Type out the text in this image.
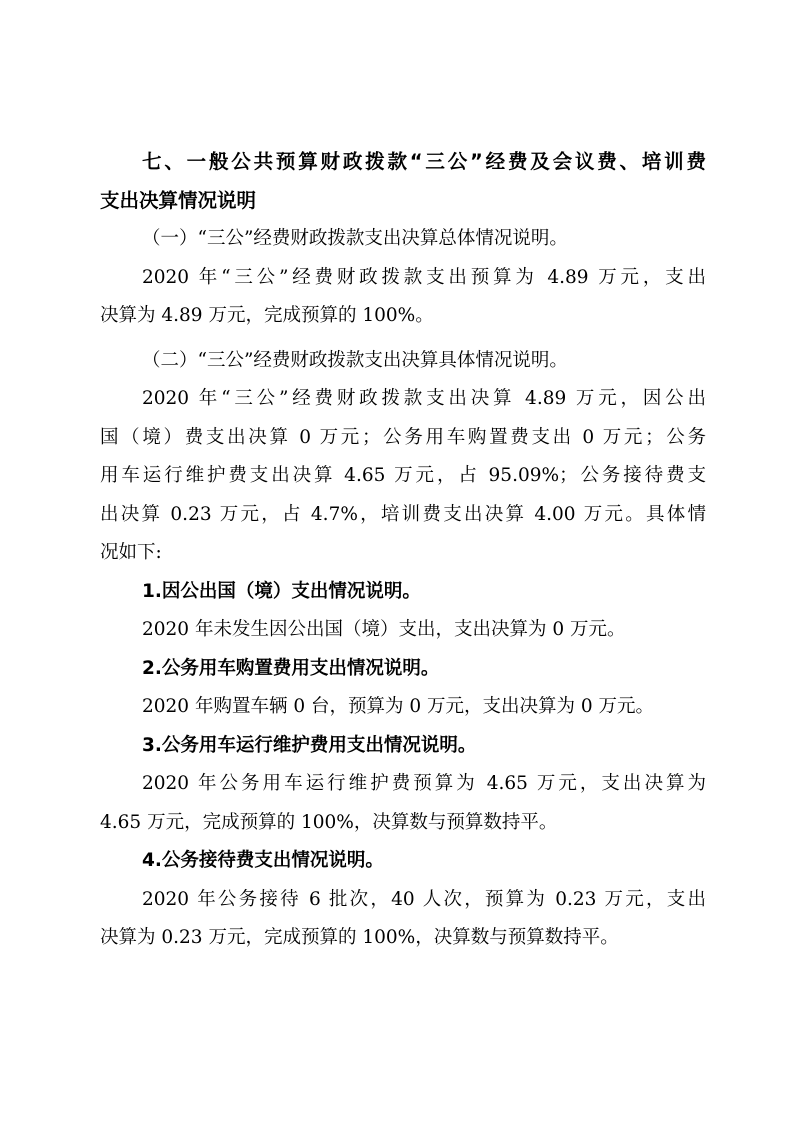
七、一般公共预算财政拨款“三公”经费及会议费、培训费
支出决算情况说明
（一）“三公”经费财政拨款支出决算总体情况说明。
2020 年“三公”经费财政拨款支出预算为 4.89 万元，支出
决算为 4.89 万元，完成预算的 100%。
（二）“三公”经费财政拨款支出决算具体情况说明。
2020 年“三公”经费财政拨款支出决算 4.89 万元，因公出
国（境）费支出决算 0 万元；公务用车购置费支出 0 万元；公务
用车运行维护费支出决算 4.65 万元，占 95.09%；公务接待费支
出决算 0.23 万元，占 4.7%，培训费支出决算 4.00 万元。具体情
况如下:
1.因公出国（境）支出情况说明。
2020 年未发生因公出国（境）支出，支出决算为 0 万元。
2.公务用车购置费用支出情况说明。
2020 年购置车辆 0 台，预算为 0 万元，支出决算为 0 万元。
3.公务用车运行维护费用支出情况说明。
2020 年公务用车运行维护费预算为 4.65 万元，支出决算为
4.65 万元，完成预算的 100%，决算数与预算数持平。
4.公务接待费支出情况说明。
2020 年公务接待 6 批次，40 人次，预算为 0.23 万元，支出
决算为 0.23 万元，完成预算的 100%，决算数与预算数持平。
